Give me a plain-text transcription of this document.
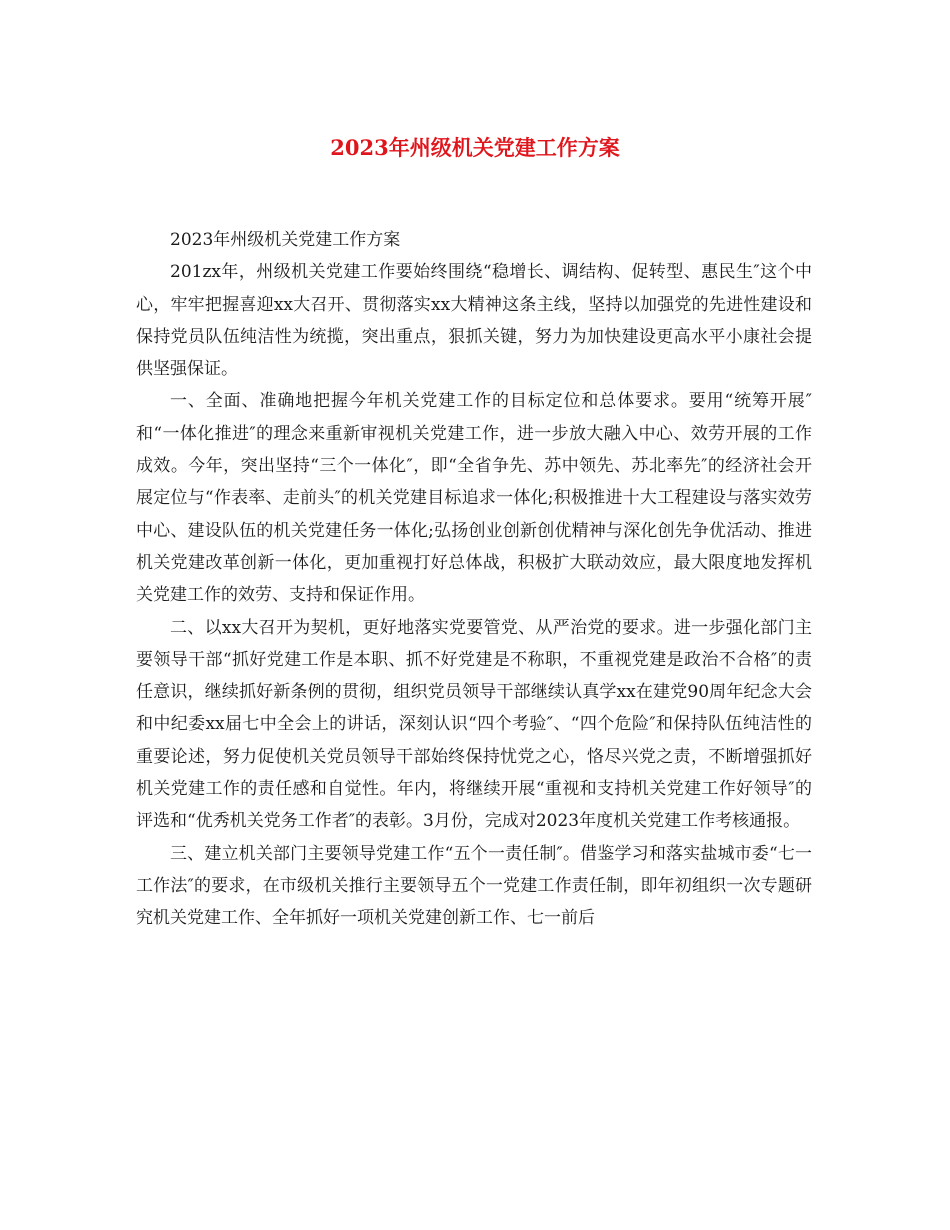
2023年州级机关党建工作方案

2023年州级机关党建工作方案

201zx年，州级机关党建工作要始终围绕“稳增长、调结构、促转型、惠民生″这个中心，牢牢把握喜迎xx大召开、贯彻落实xx大精神这条主线，坚持以加强党的先进性建设和保持党员队伍纯洁性为统揽，突出重点，狠抓关键，努力为加快建设更高水平小康社会提供坚强保证。

一、全面、准确地把握今年机关党建工作的目标定位和总体要求。要用“统筹开展″和“一体化推进″的理念来重新审视机关党建工作，进一步放大融入中心、效劳开展的工作成效。今年，突出坚持“三个一体化″，即“全省争先、苏中领先、苏北率先″的经济社会开展定位与“作表率、走前头″的机关党建目标追求一体化;积极推进十大工程建设与落实效劳中心、建设队伍的机关党建任务一体化;弘扬创业创新创优精神与深化创先争优活动、推进机关党建改革创新一体化，更加重视打好总体战，积极扩大联动效应，最大限度地发挥机关党建工作的效劳、支持和保证作用。

二、以xx大召开为契机，更好地落实党要管党、从严治党的要求。进一步强化部门主要领导干部“抓好党建工作是本职、抓不好党建是不称职，不重视党建是政治不合格″的责任意识，继续抓好新条例的贯彻，组织党员领导干部继续认真学xx在建党90周年纪念大会和中纪委xx届七中全会上的讲话，深刻认识“四个考验″、“四个危险″和保持队伍纯洁性的重要论述，努力促使机关党员领导干部始终保持忧党之心，恪尽兴党之责，不断增强抓好机关党建工作的责任感和自觉性。年内，将继续开展“重视和支持机关党建工作好领导″的评选和“优秀机关党务工作者″的表彰。3月份，完成对2023年度机关党建工作考核通报。

三、建立机关部门主要领导党建工作“五个一责任制″。借鉴学习和落实盐城市委“七一工作法″的要求，在市级机关推行主要领导五个一党建工作责任制，即年初组织一次专题研究机关党建工作、全年抓好一项机关党建创新工作、七一前后
